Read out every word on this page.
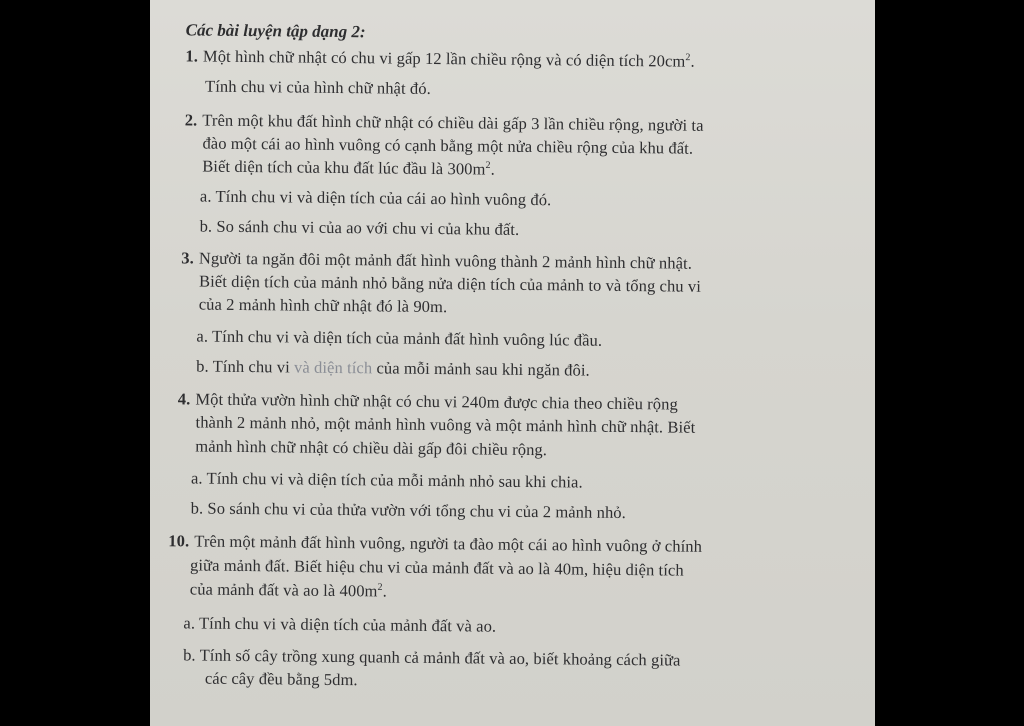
Các bài luyện tập dạng 2:
1. Một hình chữ nhật có chu vi gấp 12 lần chiều rộng và có diện tích $20cm^2$.
Tính chu vi của hình chữ nhật đó.
2. Trên một khu đất hình chữ nhật có chiều dài gấp 3 lần chiều rộng, người ta
đào một cái ao hình vuông có cạnh bằng một nửa chiều rộng của khu đất.
Biết diện tích của khu đất lúc đầu là $300m^2$.
a. Tính chu vi và diện tích của cái ao hình vuông đó.
b. So sánh chu vi của ao với chu vi của khu đất.
3. Người ta ngăn đôi một mảnh đất hình vuông thành 2 mảnh hình chữ nhật.
Biết diện tích của mảnh nhỏ bằng nửa diện tích của mảnh to và tổng chu vi
của 2 mảnh hình chữ nhật đó là 90m.
a. Tính chu vi và diện tích của mảnh đất hình vuông lúc đầu.
b. Tính chu vi và diện tích của mỗi mảnh sau khi ngăn đôi.
4. Một thửa vườn hình chữ nhật có chu vi 240m được chia theo chiều rộng
thành 2 mảnh nhỏ, một mảnh hình vuông và một mảnh hình chữ nhật. Biết
mảnh hình chữ nhật có chiều dài gấp đôi chiều rộng.
a. Tính chu vi và diện tích của mỗi mảnh nhỏ sau khi chia.
b. So sánh chu vi của thửa vườn với tổng chu vi của 2 mảnh nhỏ.
10. Trên một mảnh đất hình vuông, người ta đào một cái ao hình vuông ở chính
giữa mảnh đất. Biết hiệu chu vi của mảnh đất và ao là 40m, hiệu diện tích
của mảnh đất và ao là $400m^2$.
a. Tính chu vi và diện tích của mảnh đất và ao.
b. Tính số cây trồng xung quanh cả mảnh đất và ao, biết khoảng cách giữa
các cây đều bằng 5dm.
